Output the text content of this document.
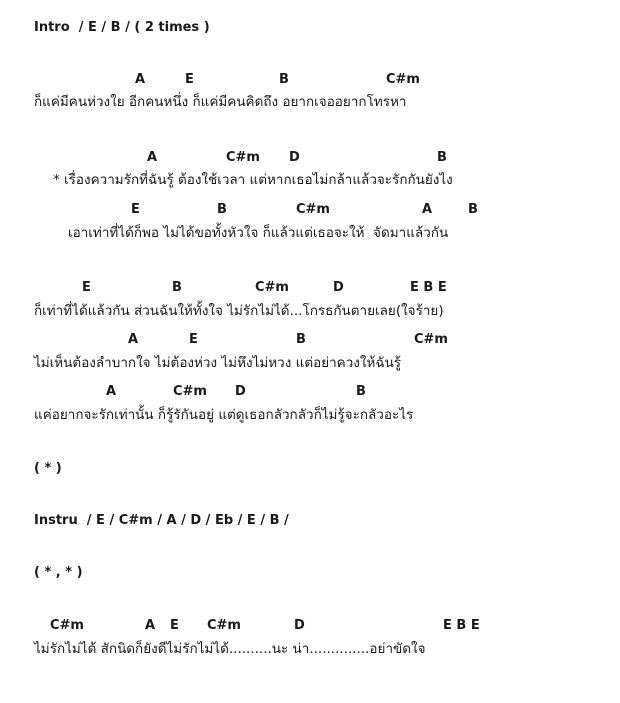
Intro  / E / B / ( 2 times )
A	E	B	C#m
ก็แค่มีคนห่วงใย อีกคนหนึ่ง ก็แค่มีคนคิดถึง อยากเจออยากโทรหา
A	C#m D	B
* เรื่องความรักที่ฉันรู้ ต้องใช้เวลา แต่หากเธอไม่กล้าแล้วจะรักกันยังไง
E	B	C#m	A	B
เอาเท่าที่ได้ก็พอ ไม่ได้ขอทั้งหัวใจ ก็แล้วแต่เธอจะให้  จัดมาแล้วกัน
E	B	C#m	D	E B E
ก็เท่าที่ได้แล้วกัน ส่วนฉันให้ทั้งใจ ไม่รักไม่ได้...โกรธกันตายเลย(ใจร้าย)
A	E	B	C#m
ไม่เห็นต้องลำบากใจ ไม่ต้องห่วง ไม่หึงไม่หวง แต่อย่าควงให้ฉันรู้
A	C#m D	B
แค่อยากจะรักเท่านั้น ก็รู้รักันอยู่ แต่ดูเธอกลัวกลัวก็ไม่รู้จะกลัวอะไร
( * )
Instru  / E / C#m / A / D / Eb / E / B /
( * , * )
C#m	A E C#m	D	E B E
ไม่รักไม่ได้ สักนิดก็ยังดีไม่รักไม่ได้..........นะ น่า..............อย่าขัดใจ
